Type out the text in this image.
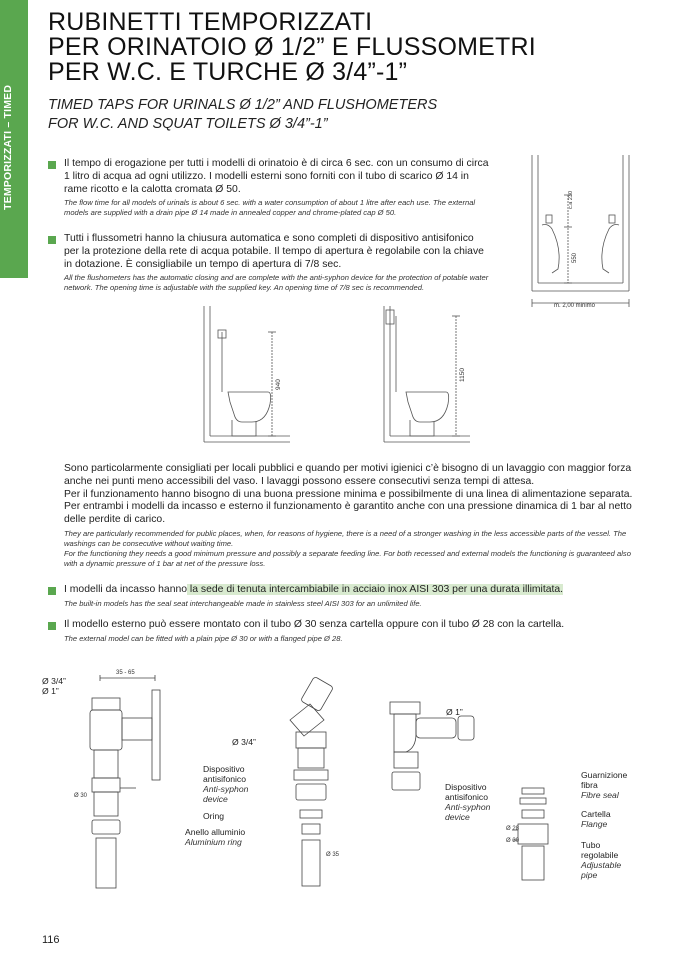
TEMPORIZZATI – TIMED
RUBINETTI TEMPORIZZATI
PER ORINATOIO Ø 1/2” E FLUSSOMETRI
PER W.C. E TURCHE Ø 3/4”-1”
TIMED TAPS FOR URINALS Ø 1/2” AND FLUSHOMETERS
FOR W.C. AND SQUAT TOILETS Ø 3/4”-1”
Il tempo di erogazione per tutti i modelli di orinatoio è di circa 6 sec. con un consumo di circa 1 litro di acqua ad ogni utilizzo. I modelli esterni sono forniti con il tubo di scarico Ø 14 in rame ricotto e la calotta cromata Ø 50.
The flow time for all models of urinals is about 6 sec. with a water consumption of about 1 litre after each use. The external models are supplied with a drain pipe Ø 14 made in annealed copper and chrome-plated cap Ø 50.
Tutti i flussometri hanno la chiusura automatica e sono completi di dispositivo antisifonico per la protezione della rete di acqua potabile. Il tempo di apertura è regolabile con la chiave in dotazione. È consigliabile un tempo di apertura di 7/8 sec.
All the flushometers has the automatic closing and are complete with the anti-syphon device for the protection of potable water network. The opening time is adjustable with the supplied key. An opening time of 7/8 sec is recommended.
c.a 230
550
m. 2,00 minimo
940
1150
Sono particolarmente consigliati per locali pubblici e quando per motivi igienici c’è bisogno di un lavaggio con maggior forza anche nei punti meno accessibili del vaso. I lavaggi possono essere consecutivi senza tempi di attesa.
Per il funzionamento hanno bisogno di una buona pressione minima e possibilmente di una linea di alimentazione separata. Per entrambi i modelli da incasso e esterno il funzionamento è garantito anche con una pressione dinamica di 1 bar al netto delle perdite di carico.
They are particularly recommended for public places, when, for reasons of hygiene, there is a need of a stronger washing in the less accessible parts of the vessel. The washings can be consecutive without waiting time.
For the functioning they needs a good minimum pressure and possibly a separate feeding line. For both recessed and external models the functioning is guaranteed also with a dynamic pressure of 1 bar at net of the pressure loss.
I modelli da incasso hanno la sede di tenuta intercambiabile in acciaio inox AISI 303 per una durata illimitata.
The built-in models has the seal seat interchangeable made in stainless steel AISI 303 for an unlimited life.
Il modello esterno può essere montato con il tubo Ø 30 senza cartella oppure con il tubo Ø 28 con la cartella.
The external model can be fitted with a plain pipe Ø 30 or with a flanged pipe Ø 28.
Ø 3/4”
Ø 1”
35 - 65
Ø 30
Ø 3/4”
Dispositivo
antisifonico
Anti-syphon
device
Oring
Anello alluminio
Aluminium ring
Ø 35
Ø 1”
Dispositivo
antisifonico
Anti-syphon
device
Guarnizione
fibra
Fibre seal
Cartella
Flange
Tubo
regolabile
Adjustable
pipe
Ø 28
Ø 30
116
